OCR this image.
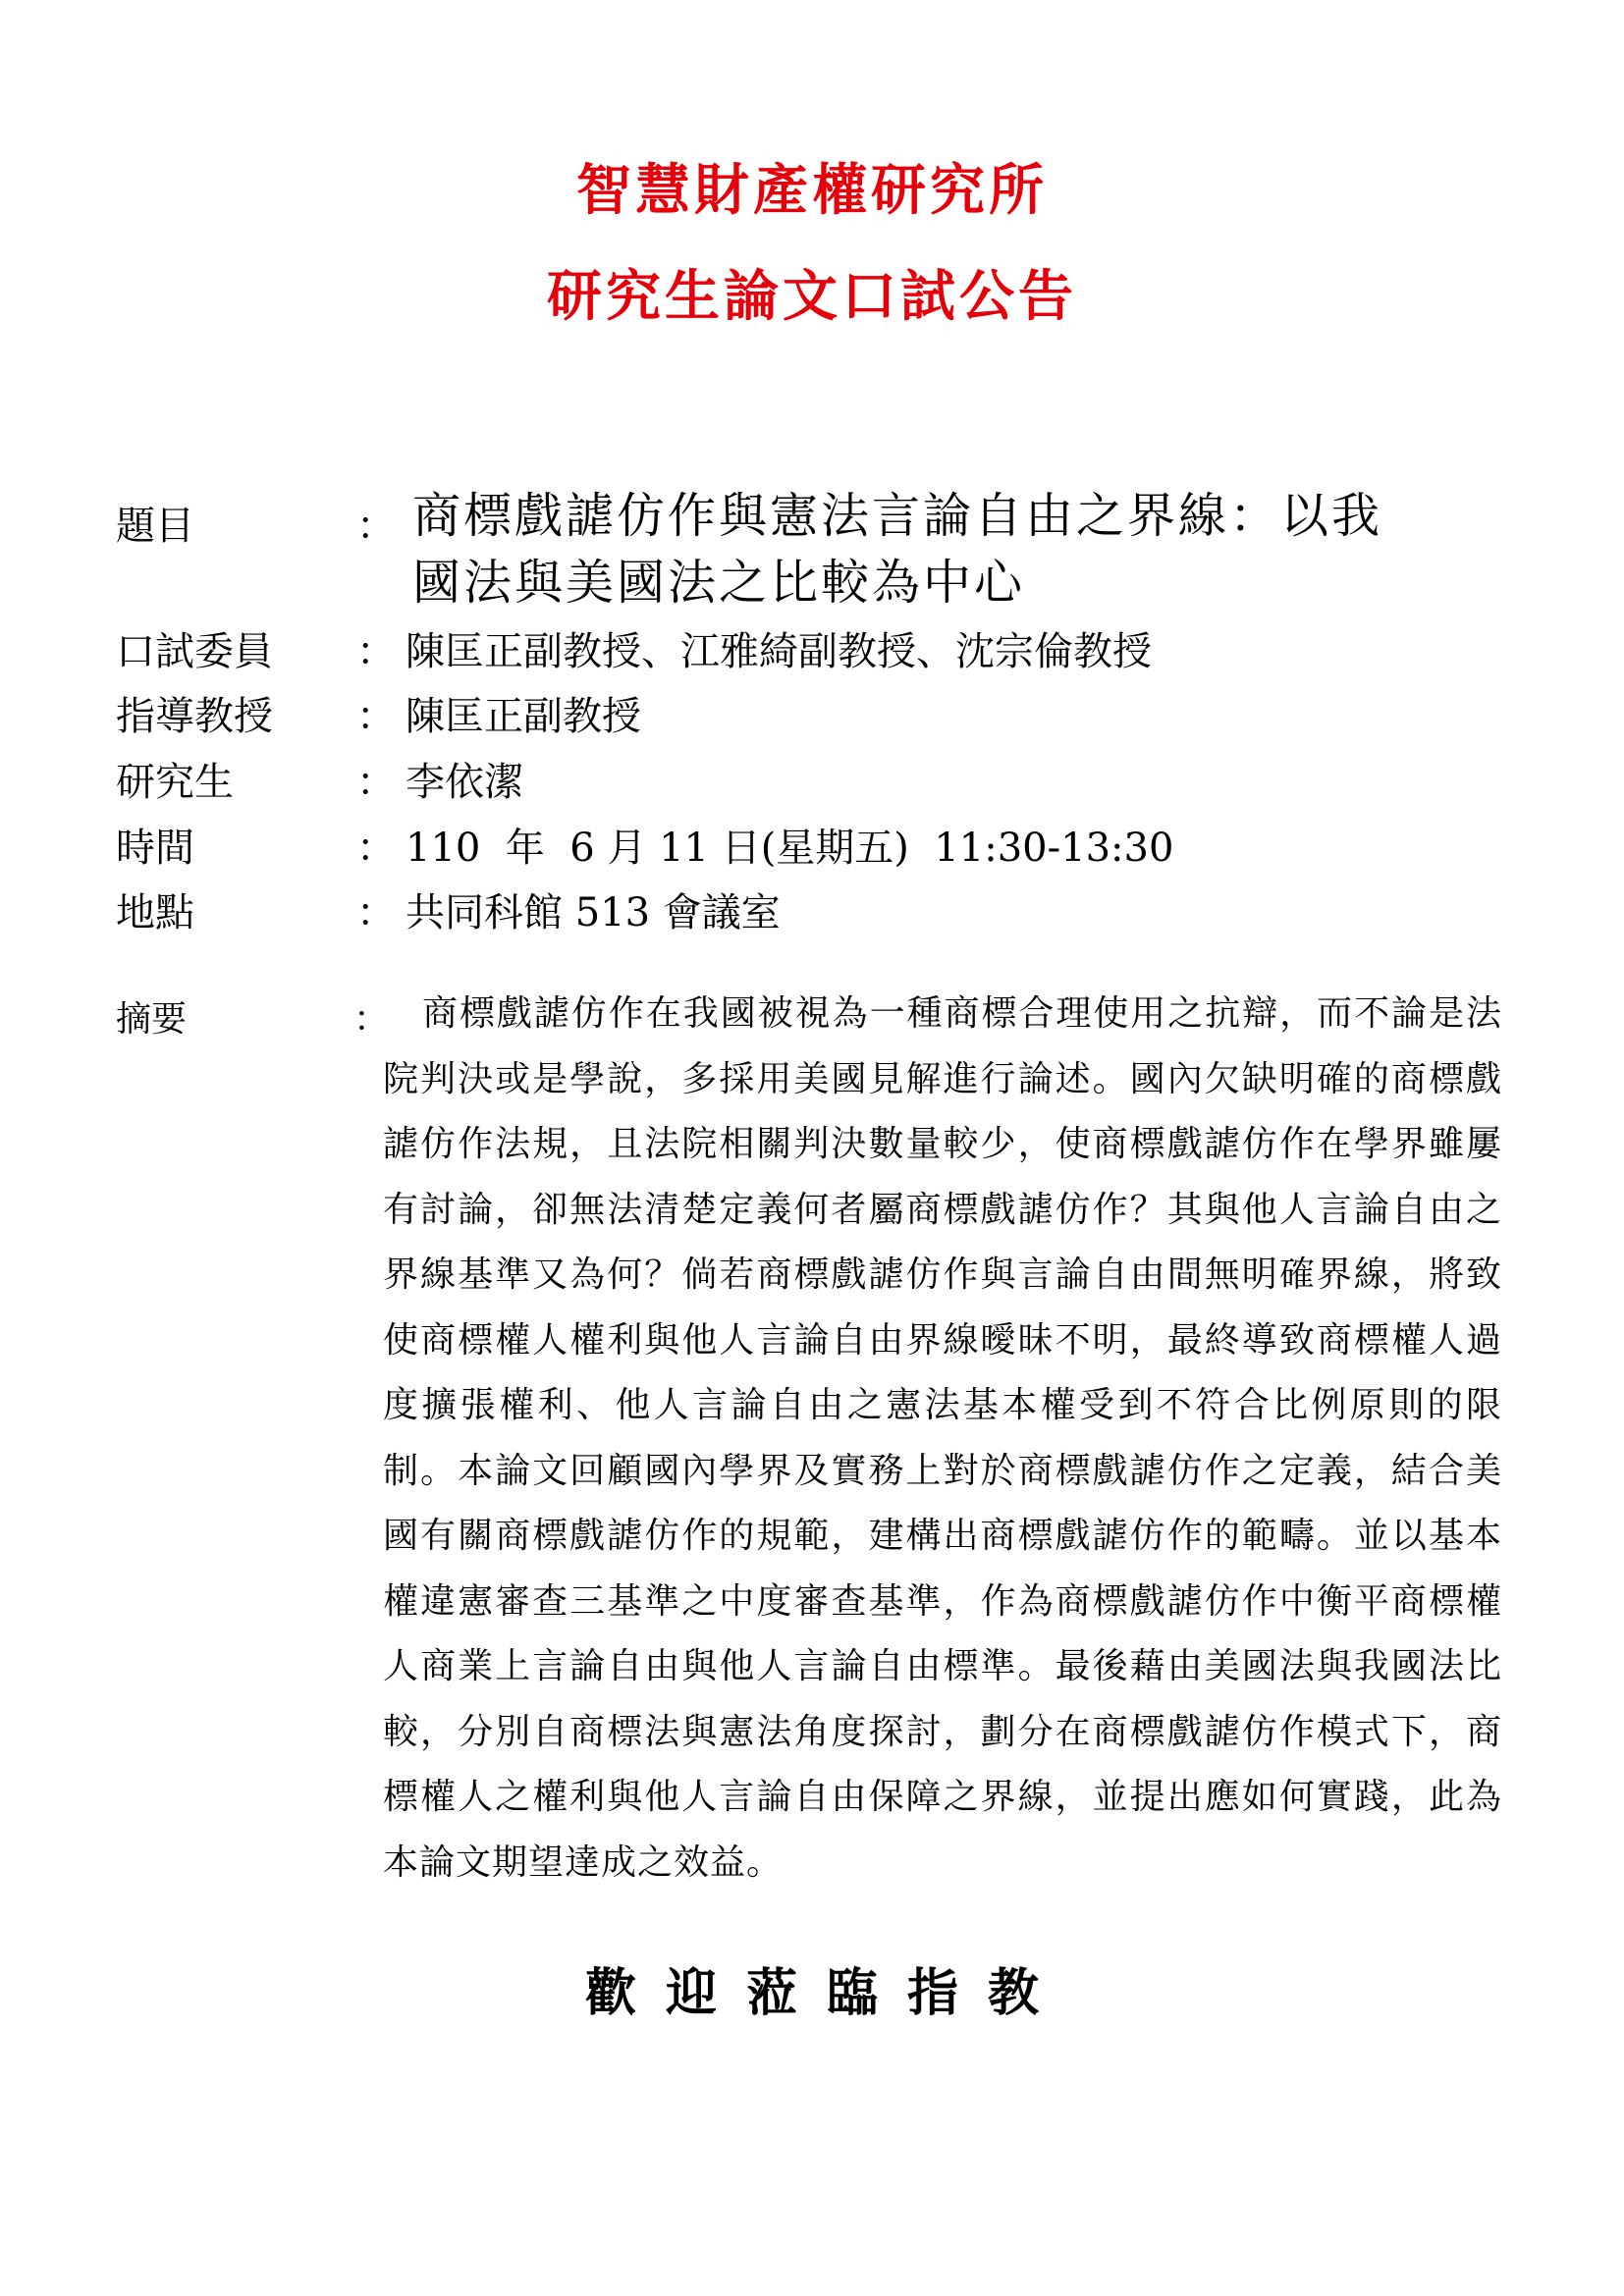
智慧財產權研究所
研究生論文口試公告
題目	： 商標戲謔仿作與憲法言論自由之界線：以我國法與美國法之比較為中心
口試委員 ： 陳匡正副教授、江雅綺副教授、沈宗倫教授
指導教授 ： 陳匡正副教授
研究生	： 李依潔
時間	： 110  年  6 月 11 日(星期五)  11:30-13:30
地點	： 共同科館 513 會議室
摘要	： 商標戲謔仿作在我國被視為一種商標合理使用之抗辯，而不論是法院判決或是學說，多採用美國見解進行論述。國內欠缺明確的商標戲謔仿作法規，且法院相關判決數量較少，使商標戲謔仿作在學界雖屢有討論，卻無法清楚定義何者屬商標戲謔仿作？其與他人言論自由之界線基準又為何？倘若商標戲謔仿作與言論自由間無明確界線，將致使商標權人權利與他人言論自由界線曖昧不明，最終導致商標權人過度擴張權利、他人言論自由之憲法基本權受到不符合比例原則的限制。本論文回顧國內學界及實務上對於商標戲謔仿作之定義，結合美國有關商標戲謔仿作的規範，建構出商標戲謔仿作的範疇。並以基本權違憲審查三基準之中度審查基準，作為商標戲謔仿作中衡平商標權人商業上言論自由與他人言論自由標準。最後藉由美國法與我國法比較，分別自商標法與憲法角度探討，劃分在商標戲謔仿作模式下，商標權人之權利與他人言論自由保障之界線，並提出應如何實踐，此為本論文期望達成之效益。
歡迎蒞臨指教
